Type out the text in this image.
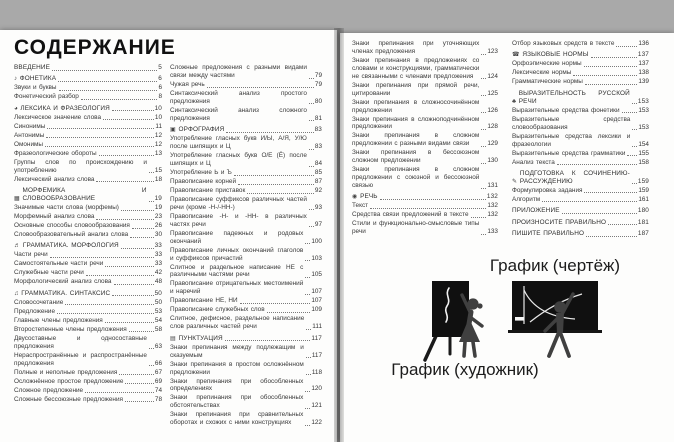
СОДЕРЖАНИЕ
ВВЕДЕНИЕ	5
♪ ФОНЕТИКА	6
Звуки и буквы	6
Фонетический разбор	8
◕ ЛЕКСИКА И ФРАЗЕОЛОГИЯ	10
Лексическое значение слова	10
Синонимы	11
Антонимы	12
Омонимы	12
Фразеологические обороты	13
Группы слов по происхождению и употреблению	15
Лексический анализ слова	18
▦
МОРФЕМИКА И СЛОВООБРАЗОВАНИЕ	19
Значимые части слова (морфемы)	19
Морфемный анализ слова	23
Основные способы словообразования	26
Словообразовательный анализ слова	30
♬ ГРАММАТИКА. МОРФОЛОГИЯ	33
Части речи	33
Самостоятельные части речи	33
Служебные части речи	42
Морфологический анализ слова	48
♫ ГРАММАТИКА. СИНТАКСИС	50
Словосочетание	50
Предложение	53
Главные члены предложения	54
Второстепенные члены предложения	58
Двусоставные и односоставные предложения	63
Нераспространённые и распространённые предложения	66
Полные и неполные предложения	67
Осложнённое простое предложение	69
Сложное предложение	74
Сложные бессоюзные предложения	78
Сложные предложения с разными видами связи между частями	79
Чужая речь	79
Синтаксический анализ простого предложения	80
Синтаксический анализ сложного предложения	81
▣ ОРФОГРАФИЯ	83
Употребление гласных букв И/Ы, А/Я, У/Ю после шипящих и Ц	83
Употребление гласных букв О/Е (Ё) после шипящих и Ц	84
Употребление Ь и Ъ	85
Правописание корней	87
Правописание приставок	92
Правописание суффиксов различных частей речи (кроме -Н-/-НН-)	93
Правописание -Н- и -НН- в различных частях речи	97
Правописание падежных и родовых окончаний	100
Правописание личных окончаний глаголов и суффиксов причастий	103
Слитное и раздельное написание НЕ с различными частями речи	105
Правописание отрицательных местоимений и наречий	107
Правописание НЕ, НИ	107
Правописание служебных слов	109
Слитное, дефисное, раздельное написание слов различных частей речи	111
▤ ПУНКТУАЦИЯ	117
Знаки препинания между подлежащим и сказуемым	117
Знаки препинания в простом осложнённом предложении	118
Знаки препинания при обособленных определениях	120
Знаки препинания при обособленных обстоятельствах	121
Знаки препинания при сравнительных оборотах и схожих с ними конструкциях	122
Знаки препинания при уточняющих членах предложения	123
Знаки препинания в предложениях со словами и конструкциями, грамматически не связанными с членами предложения	124
Знаки препинания при прямой речи, цитировании	125
Знаки препинания в сложносочинённом предложении	126
Знаки препинания в сложноподчинённом предложении	128
Знаки препинания в сложном предложении с разными видами связи	129
Знаки препинания в бессоюзном сложном предложении	130
Знаки препинания в сложном предложении с союзной и бессоюзной связью	131
◉ РЕЧЬ	132
Текст	132
Средства связи предложений в тексте	132
Стили и функционально-смысловые типы речи	133
Отбор языковых средств в тексте	136
☎ ЯЗЫКОВЫЕ НОРМЫ	137
Орфоэпические нормы	137
Лексические нормы	138
Грамматические нормы	139
♣
ВЫРАЗИТЕЛЬНОСТЬ РУССКОЙ РЕЧИ	153
Выразительные средства фонетики	153
Выразительные средства словообразования	153
Выразительные средства лексики и фразеологии	154
Выразительные средства грамматики 155
Анализ текста	158
✎
ПОДГОТОВКА К СОЧИНЕНИЮ-РАССУЖДЕНИЮ	159
Формулировка задания	159
Алгоритм	161
ПРИЛОЖЕНИЕ	180
ПРОИЗНОСИТЕ ПРАВИЛЬНО	181
ПИШИТЕ ПРАВИЛЬНО	187
График (чертёж)
График (художник)
